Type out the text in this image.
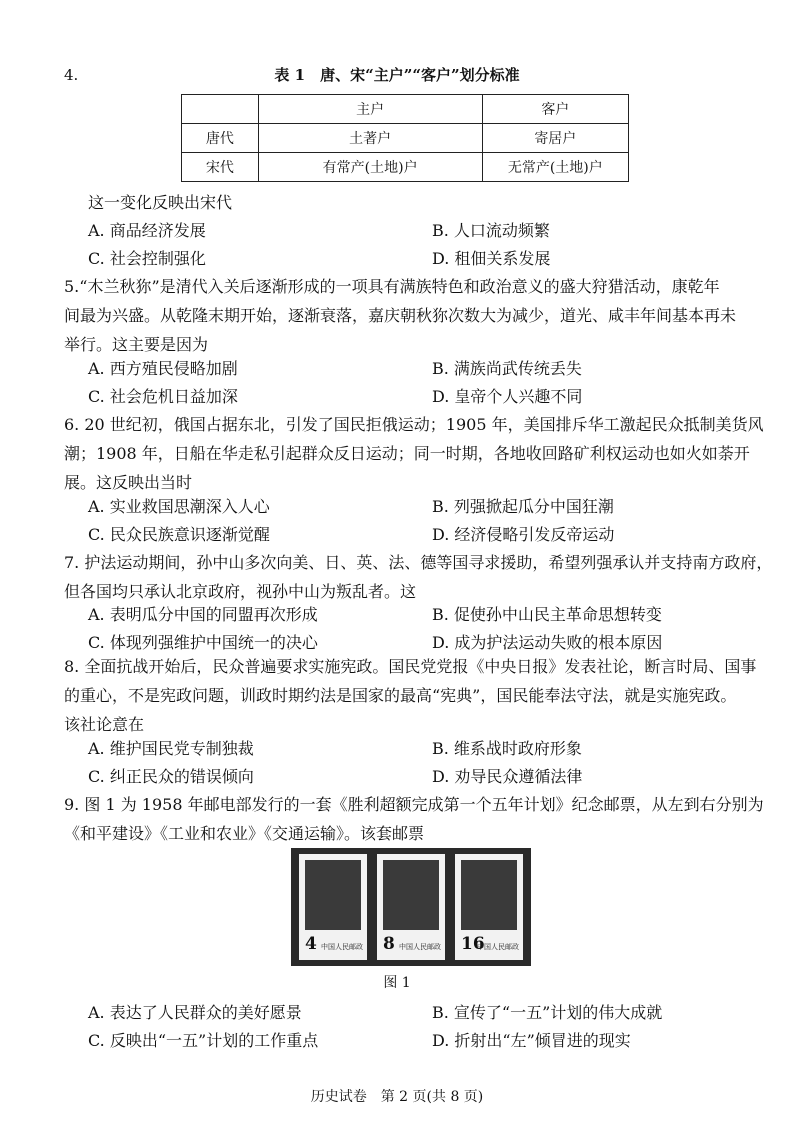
4.	表 1　唐、宋“主户”“客户”划分标准
	主户	客户
唐代	土著户	寄居户
宋代	有常产(土地)户	无常产(土地)户
这一变化反映出宋代
A. 商品经济发展	B. 人口流动频繁
C. 社会控制强化	D. 租佃关系发展
5.“木兰秋狝”是清代入关后逐渐形成的一项具有满族特色和政治意义的盛大狩猎活动，康乾年
间最为兴盛。从乾隆末期开始，逐渐衰落，嘉庆朝秋狝次数大为减少，道光、咸丰年间基本再未
举行。这主要是因为
A. 西方殖民侵略加剧	B. 满族尚武传统丢失
C. 社会危机日益加深	D. 皇帝个人兴趣不同
6. 20 世纪初，俄国占据东北，引发了国民拒俄运动；1905 年，美国排斥华工激起民众抵制美货风
潮；1908 年，日船在华走私引起群众反日运动；同一时期，各地收回路矿利权运动也如火如荼开
展。这反映出当时
A. 实业救国思潮深入人心	B. 列强掀起瓜分中国狂潮
C. 民众民族意识逐渐觉醒	D. 经济侵略引发反帝运动
7. 护法运动期间，孙中山多次向美、日、英、法、德等国寻求援助，希望列强承认并支持南方政府，
但各国均只承认北京政府，视孙中山为叛乱者。这
A. 表明瓜分中国的同盟再次形成	B. 促使孙中山民主革命思想转变
C. 体现列强维护中国统一的决心	D. 成为护法运动失败的根本原因
8. 全面抗战开始后，民众普遍要求实施宪政。国民党党报《中央日报》发表社论，断言时局、国事
的重心，不是宪政问题，训政时期约法是国家的最高“宪典”，国民能奉法守法，就是实施宪政。
该社论意在
A. 维护国民党专制独裁	B. 维系战时政府形象
C. 纠正民众的错误倾向	D. 劝导民众遵循法律
9. 图 1 为 1958 年邮电部发行的一套《胜利超额完成第一个五年计划》纪念邮票，从左到右分别为
《和平建设》《工业和农业》《交通运输》。该套邮票
4 中国人民邮政 8 中国人民邮政 16
中国人民邮政
图 1
A. 表达了人民群众的美好愿景	B. 宣传了“一五”计划的伟大成就
C. 反映出“一五”计划的工作重点	D. 折射出“左”倾冒进的现实
历史试卷　第 2 页(共 8 页)
